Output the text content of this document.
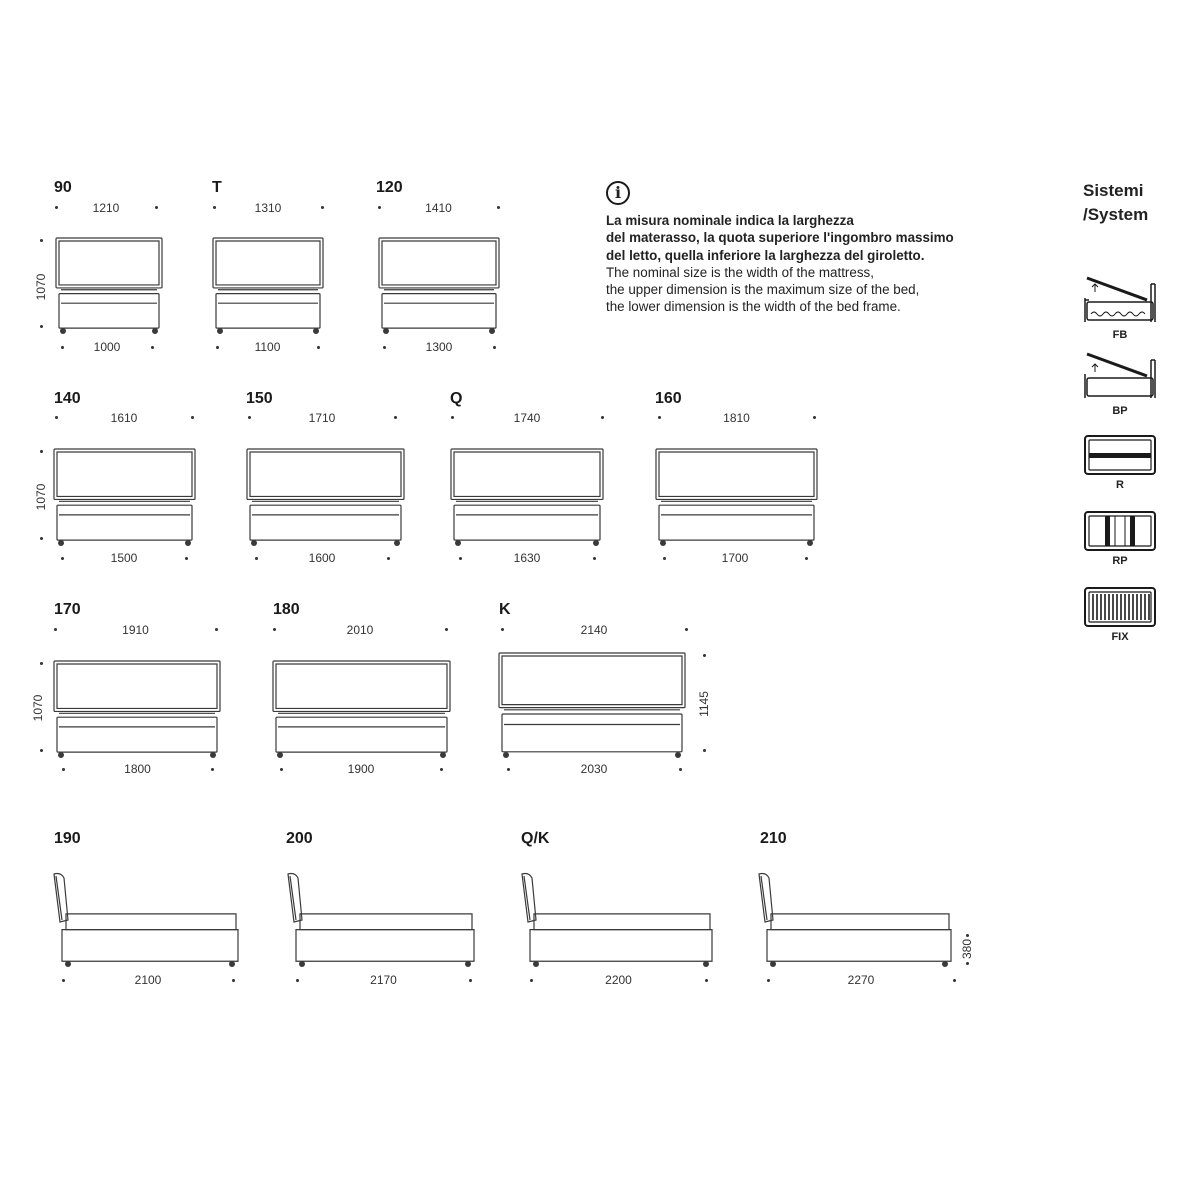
90
1210
1000
1070
T
1310
1100
120
1410
1300
140
1610
1500
1070
150
1710
1600
Q
1740
1630
160
1810
1700
170
1910
1800
1070
180
2010
1900
K
2140
2030
1145
190
2100
200
2170
Q/K
2200
210
2270
380
i
La misura nominale indica la larghezza
del materasso, la quota superiore l'ingombro massimo
del letto, quella inferiore la larghezza del giroletto.
The nominal size is the width of the mattress,
the upper dimension is the maximum size of the bed,
the lower dimension is the width of the bed frame.
Sistemi
/System
FB
BP
R
RP
FIX
